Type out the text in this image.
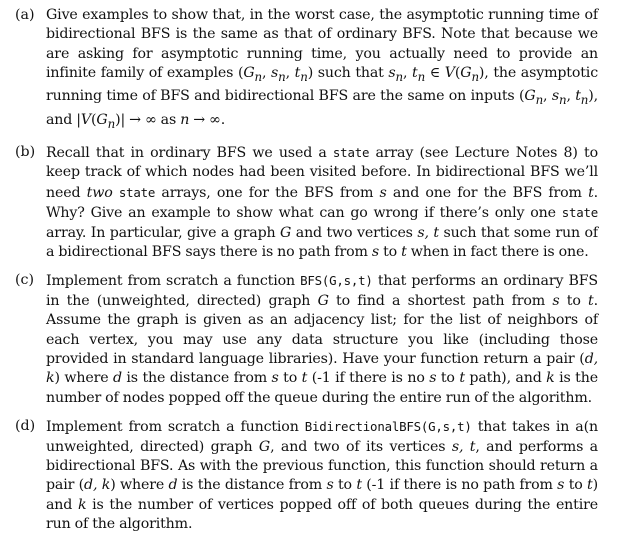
(a) Give examples to show that, in the worst case, the asymptotic running time of bidirectional BFS is the same as that of ordinary BFS. Note that because we are asking for asymptotic running time, you actually need to provide an infinite family of examples ($G_n$, $s_n$, $t_n$) such that $s_n$, $t_n$ ∈ $V(G_n)$, the asymptotic running time of BFS and bidirectional BFS are the same on inputs ($G_n$, $s_n$, $t_n$), and $|V(G_n)|$ → ∞ as n → ∞.
(b) Recall that in ordinary BFS we used a state array (see Lecture Notes 8) to keep track of which nodes had been visited before. In bidirectional BFS we’ll need two state arrays, one for the BFS from s and one for the BFS from t. Why? Give an example to show what can go wrong if there’s only one state array. In particular, give a graph G and two vertices s, t such that some run of a bidirectional BFS says there is no path from s to t when in fact there is one.
(c) Implement from scratch a function BFS(G,s,t) that performs an ordinary BFS in the (unweighted, directed) graph G to find a shortest path from s to t. Assume the graph is given as an adjacency list; for the list of neighbors of each vertex, you may use any data structure you like (including those provided in standard language libraries). Have your function return a pair (d, k) where d is the distance from s to t (-1 if there is no s to t path), and k is the number of nodes popped off the queue during the entire run of the algorithm.
(d) Implement from scratch a function BidirectionalBFS(G,s,t) that takes in a(n unweighted, directed) graph G, and two of its vertices s, t, and performs a bidirectional BFS. As with the previous function, this function should return a pair (d, k) where d is the distance from s to t (-1 if there is no path from s to t) and k is the number of vertices popped off of both queues during the entire run of the algorithm.
